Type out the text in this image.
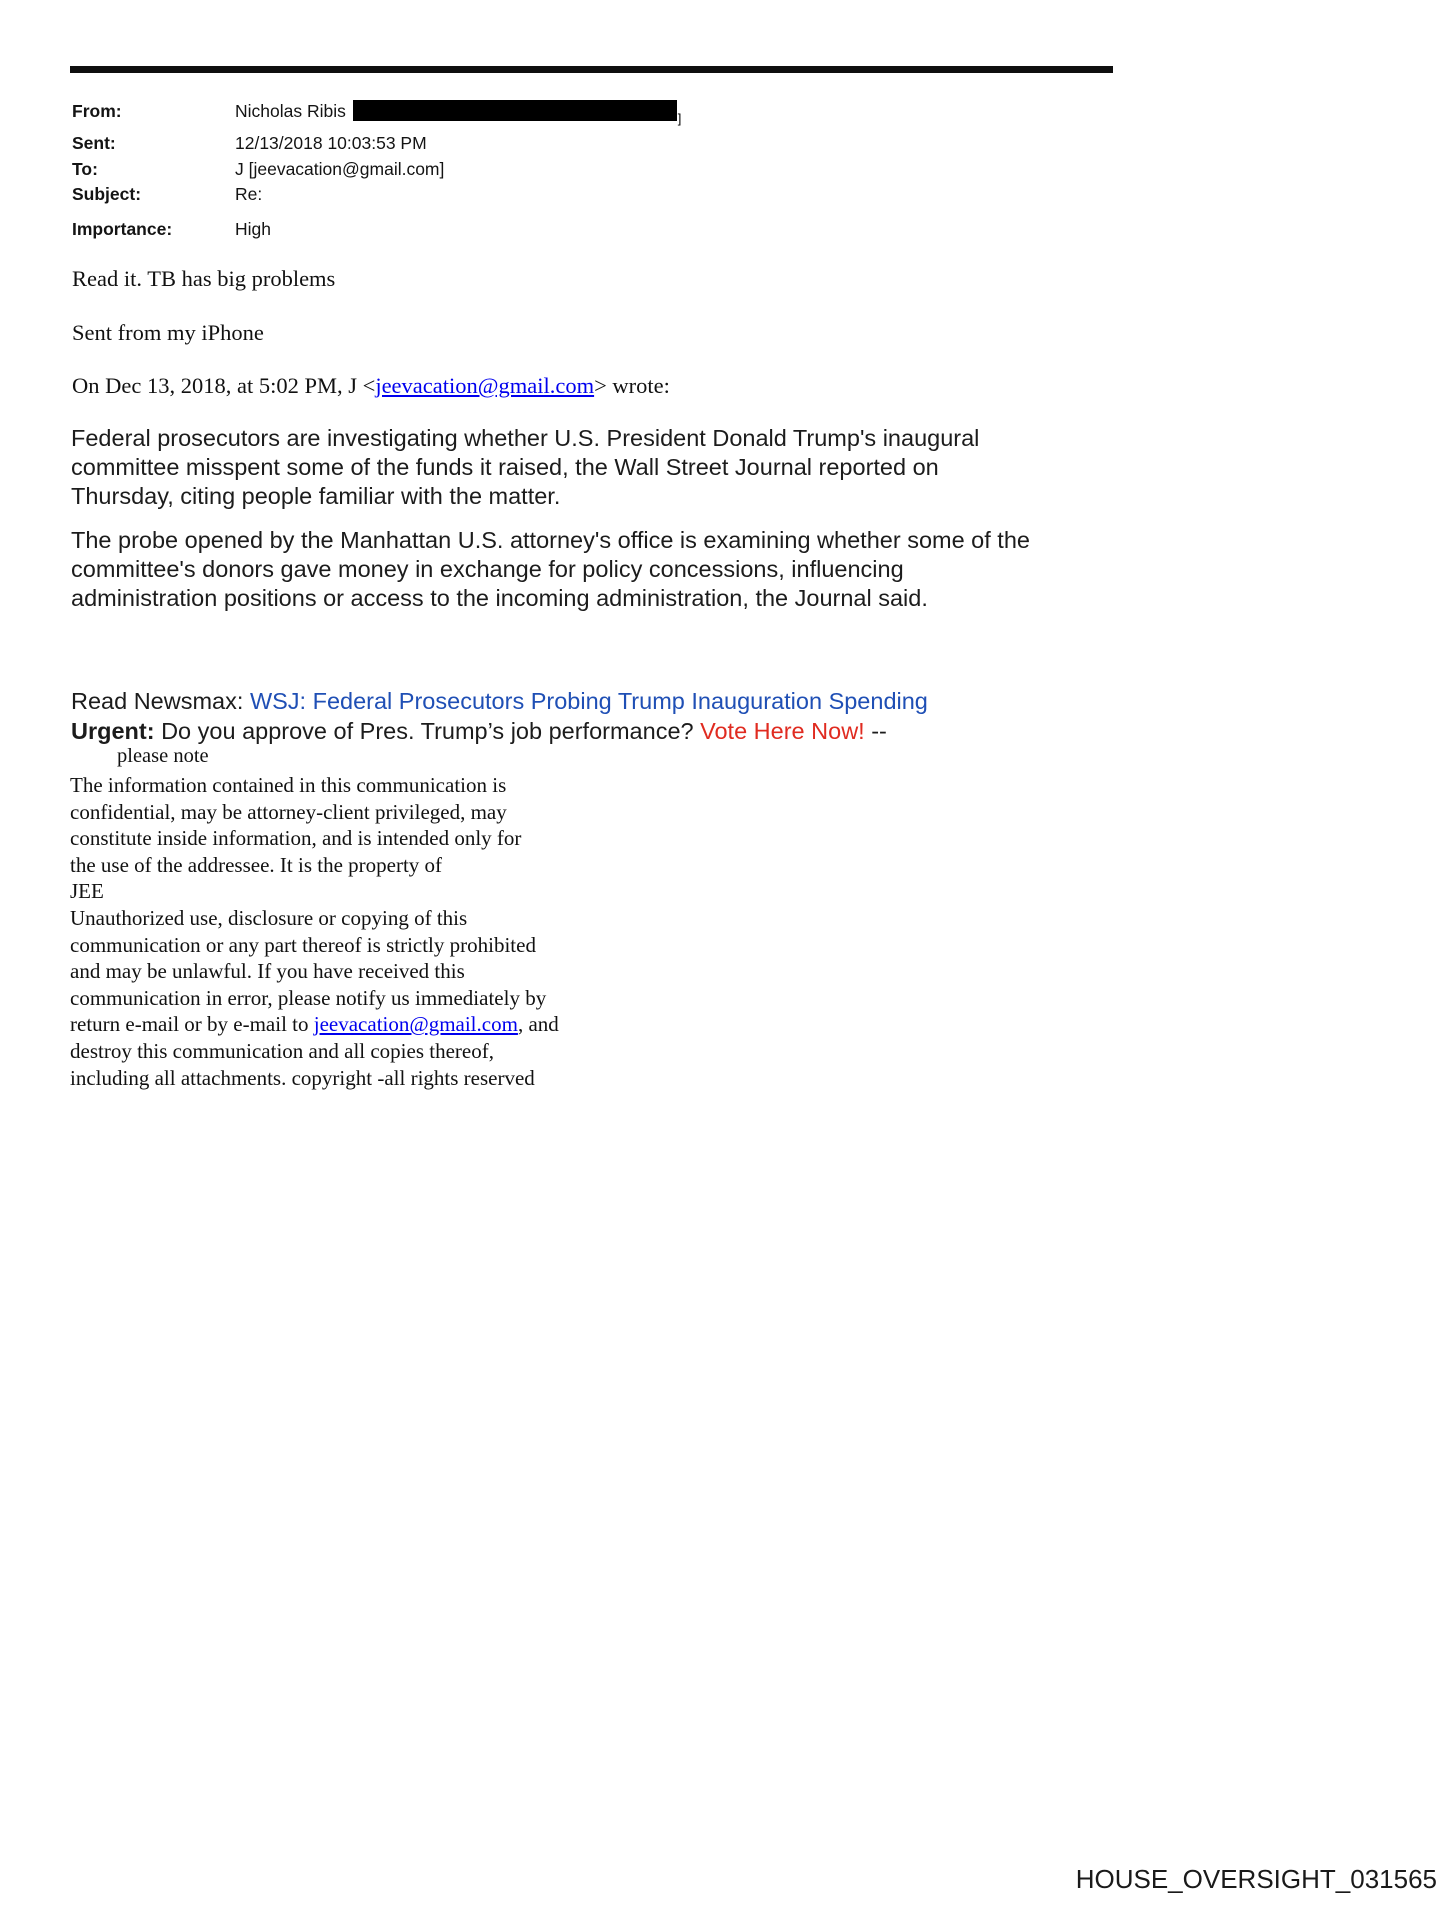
From:	Nicholas Ribis	$_]$
Sent:	12/13/2018 10:03:53 PM
To:	J [jeevacation@gmail.com]
Subject:	Re:
Importance:	High
Read it. TB has big problems
Sent from my iPhone
On Dec 13, 2018, at 5:02 PM, J <jeevacation@gmail.com> wrote:
Federal prosecutors are investigating whether U.S. President Donald Trump's inaugural
committee misspent some of the funds it raised, the Wall Street Journal reported on
Thursday, citing people familiar with the matter.
The probe opened by the Manhattan U.S. attorney's office is examining whether some of the
committee's donors gave money in exchange for policy concessions, influencing
administration positions or access to the incoming administration, the Journal said.
Read Newsmax: WSJ: Federal Prosecutors Probing Trump Inauguration Spending
Urgent: Do you approve of Pres. Trump’s job performance? Vote Here Now! --
please note
The information contained in this communication is
confidential, may be attorney-client privileged, may
constitute inside information, and is intended only for
the use of the addressee. It is the property of
JEE
Unauthorized use, disclosure or copying of this
communication or any part thereof is strictly prohibited
and may be unlawful. If you have received this
communication in error, please notify us immediately by
return e-mail or by e-mail to jeevacation@gmail.com, and
destroy this communication and all copies thereof,
including all attachments. copyright -all rights reserved
HOUSE_OVERSIGHT_031565
